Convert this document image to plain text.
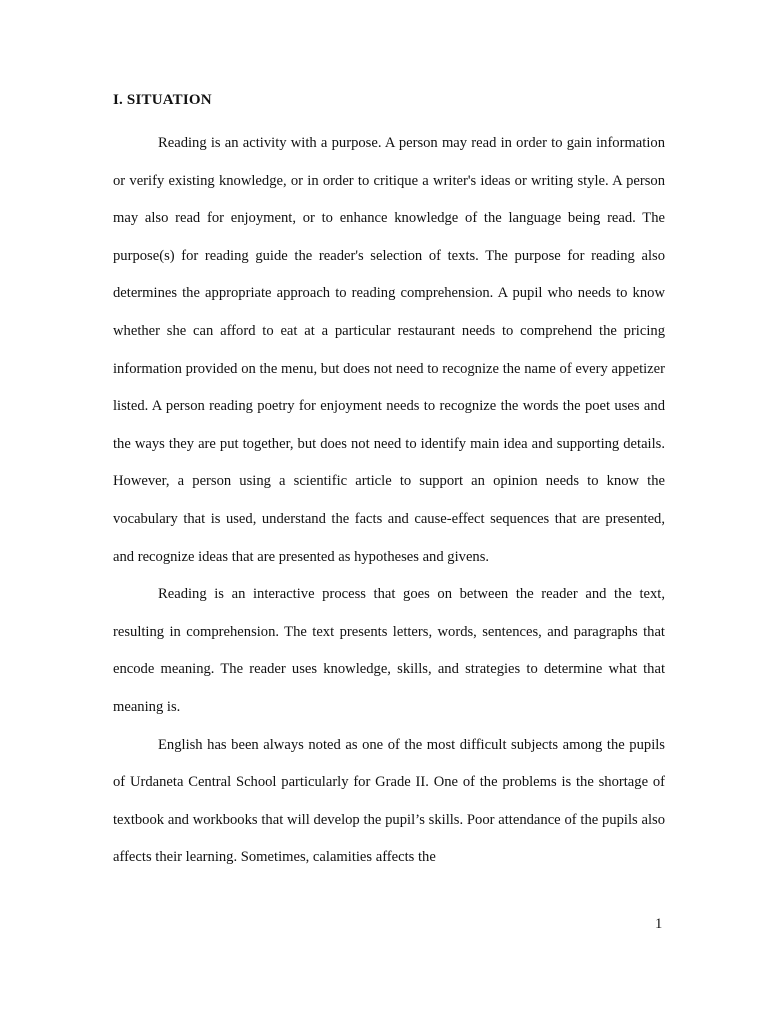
I. SITUATION

Reading is an activity with a purpose. A person may read in order to gain information or verify existing knowledge, or in order to critique a writer's ideas or writing style. A person may also read for enjoyment, or to enhance knowledge of the language being read. The purpose(s) for reading guide the reader's selection of texts. The purpose for reading also determines the appropriate approach to reading comprehension. A pupil who needs to know whether she can afford to eat at a particular restaurant needs to comprehend the pricing information provided on the menu, but does not need to recognize the name of every appetizer listed. A person reading poetry for enjoyment needs to recognize the words the poet uses and the ways they are put together, but does not need to identify main idea and supporting details. However, a person using a scientific article to support an opinion needs to know the vocabulary that is used, understand the facts and cause-effect sequences that are presented, and recognize ideas that are presented as hypotheses and givens.

Reading is an interactive process that goes on between the reader and the text, resulting in comprehension. The text presents letters, words, sentences, and paragraphs that encode meaning. The reader uses knowledge, skills, and strategies to determine what that meaning is.

English has been always noted as one of the most difficult subjects among the pupils of Urdaneta Central School particularly for Grade II. One of the problems is the shortage of textbook and workbooks that will develop the pupil’s skills. Poor attendance of the pupils also affects their learning. Sometimes, calamities affects the

1
